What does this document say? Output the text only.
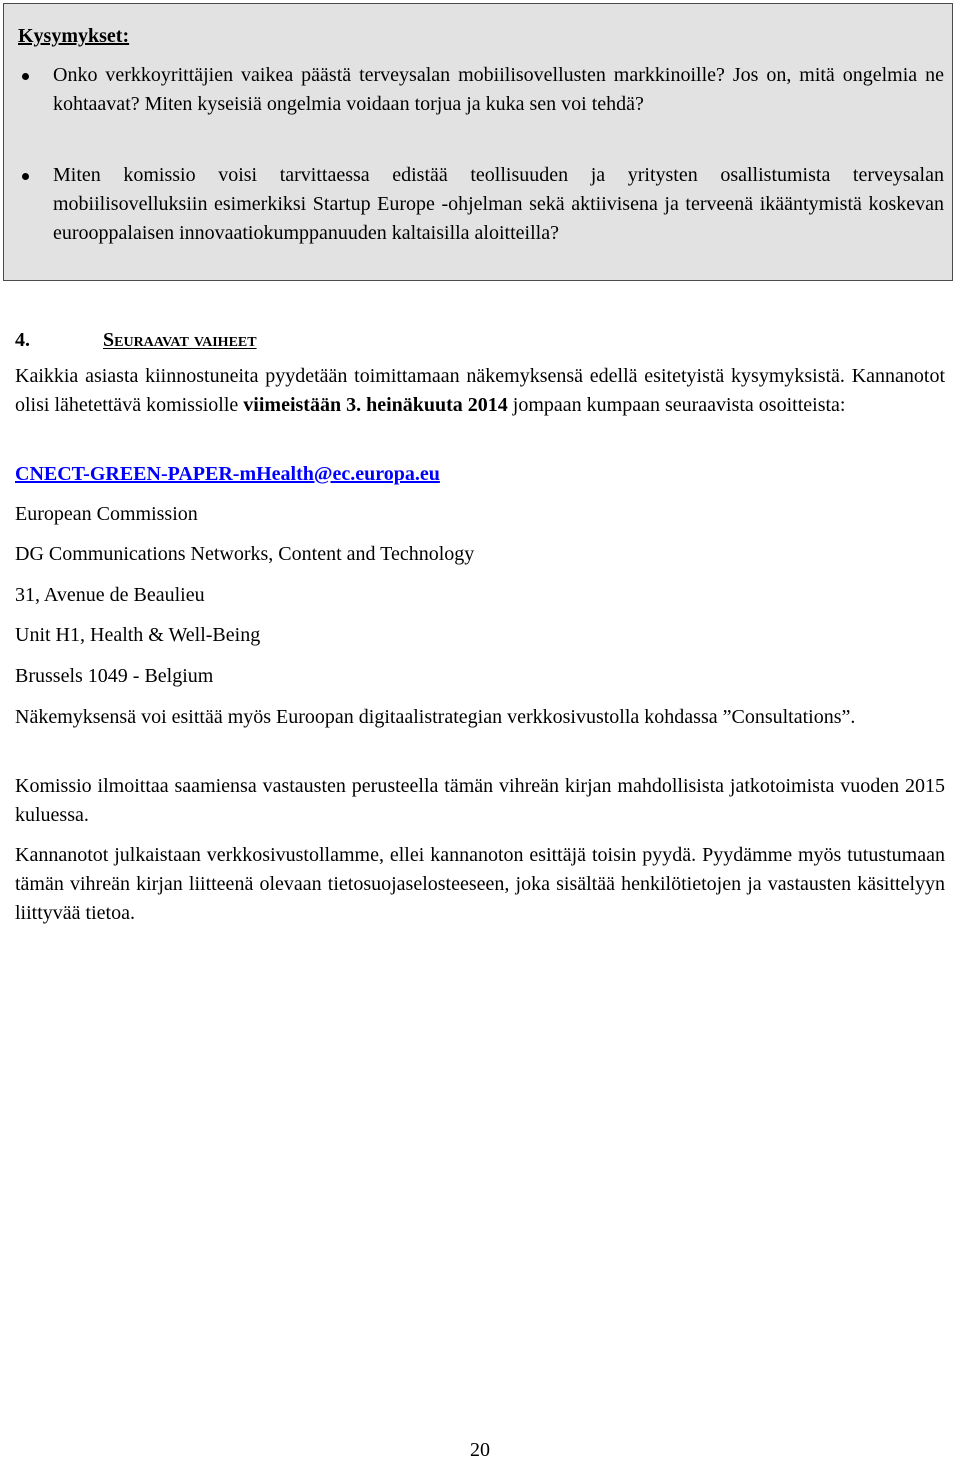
Kysymykset:

Onko verkkoyrittäjien vaikea päästä terveysalan mobiilisovellusten markkinoille? Jos on, mitä ongelmia ne kohtaavat? Miten kyseisiä ongelmia voidaan torjua ja kuka sen voi tehdä?

Miten komissio voisi tarvittaessa edistää teollisuuden ja yritysten osallistumista terveysalan mobiilisovelluksiin esimerkiksi Startup Europe -ohjelman sekä aktiivisena ja terveenä ikääntymistä koskevan eurooppalaisen innovaatiokumppanuuden kaltaisilla aloitteilla?

4.	Seuraavat vaiheet

Kaikkia asiasta kiinnostuneita pyydetään toimittamaan näkemyksensä edellä esitetyistä kysymyksistä. Kannanotot olisi lähetettävä komissiolle viimeistään 3. heinäkuuta 2014 jompaan kumpaan seuraavista osoitteista:

CNECT-GREEN-PAPER-mHealth@ec.europa.eu

European Commission

DG Communications Networks, Content and Technology

31, Avenue de Beaulieu

Unit H1, Health & Well-Being

Brussels 1049 - Belgium

Näkemyksensä voi esittää myös Euroopan digitaalistrategian verkkosivustolla kohdassa ”Consultations”.

Komissio ilmoittaa saamiensa vastausten perusteella tämän vihreän kirjan mahdollisista jatkotoimista vuoden 2015 kuluessa.

Kannanotot julkaistaan verkkosivustollamme, ellei kannanoton esittäjä toisin pyydä. Pyydämme myös tutustumaan tämän vihreän kirjan liitteenä olevaan tietosuojaselosteeseen, joka sisältää henkilötietojen ja vastausten käsittelyyn liittyvää tietoa.

20
